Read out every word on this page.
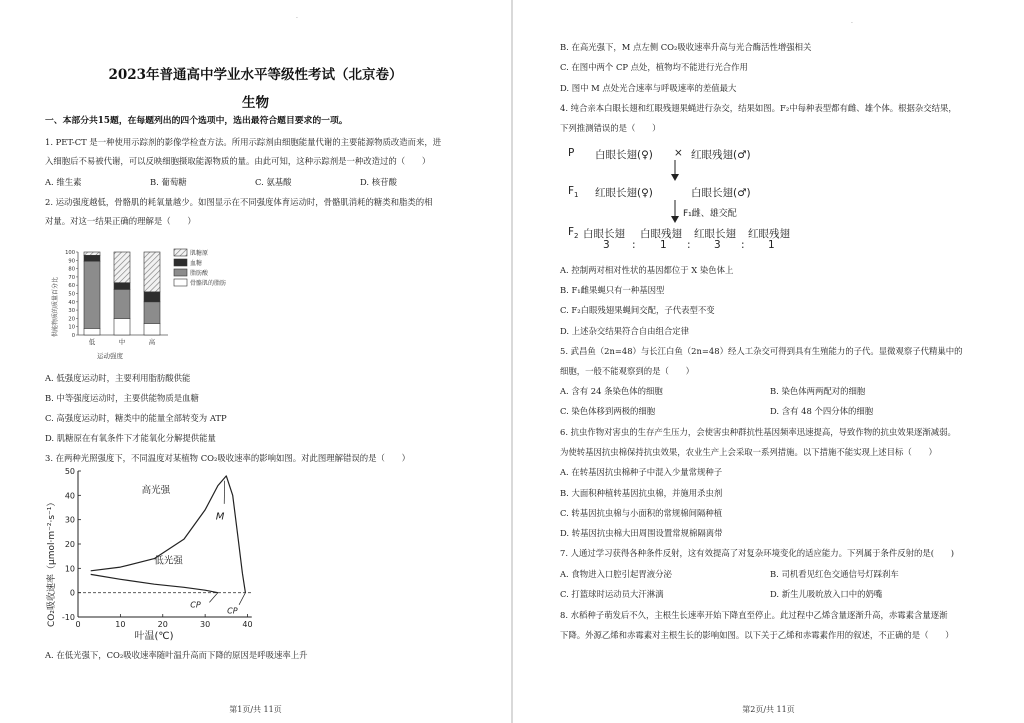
.
2023年普通高中学业水平等级性考试（北京卷）
生物
一、本部分共15题，在每题列出的四个选项中，选出最符合题目要求的一项。
1. PET-CT 是一种使用示踪剂的影像学检查方法。所用示踪剂由细胞能量代谢的主要能源物质改造而来，进
入细胞后不易被代谢，可以反映细胞摄取能源物质的量。由此可知，这种示踪剂是一种改造过的（　　）
A. 维生素	B. 葡萄糖	C. 氨基酸	D. 核苷酸
2. 运动强度越低，骨骼肌的耗氧量越少。如图显示在不同强度体育运动时，骨骼肌消耗的糖类和脂类的相
对量。对这一结果正确的理解是（　　）
供能物质的质量百分比 0
10
20
30
40
50
60
70
80
90
100
低	中	高
运动强度
肌糖原
血糖
脂肪酸
骨骼肌的脂肪
A. 低强度运动时，主要利用脂肪酸供能
B. 中等强度运动时，主要供能物质是血糖
C. 高强度运动时，糖类中的能量全部转变为 ATP
D. 肌糖原在有氧条件下才能氧化分解提供能量
3. 在两种光照强度下，不同温度对某植物 CO₂吸收速率的影响如图。对此图理解错误的是（　　）
CO₂吸收速率（μmol·m⁻²·s⁻¹） -10
0
10
20
30
40
50
0	10	20	30	40
高光强
低光强
M
CP
CP
叶温(℃)
A. 在低光强下，CO₂吸收速率随叶温升高而下降的原因是呼吸速率上升
第1页/共 11页
.
B. 在高光强下，M 点左侧 CO₂吸收速率升高与光合酶活性增强相关
C. 在图中两个 CP 点处，植物均不能进行光合作用
D. 图中 M 点处光合速率与呼吸速率的差值最大
4. 纯合亲本白眼长翅和红眼残翅果蝇进行杂交，结果如图。F₂中每种表型都有雌、雄个体。根据杂交结果，
下列推测错误的是（　　）
P 白眼长翅(♀) × 红眼残翅(♂)
$F_1$ 红眼长翅(♀)	白眼长翅(♂)
F₁雌、雄交配
$F_2$ 白眼长翅 白眼残翅 红眼长翅 红眼残翅
3 : 1 : 3 : 1
A. 控制两对相对性状的基因都位于 X 染色体上
B. F₁雌果蝇只有一种基因型
C. F₂白眼残翅果蝇间交配，子代表型不变
D. 上述杂交结果符合自由组合定律
5. 武昌鱼（2n=48）与长江白鱼（2n=48）经人工杂交可得到具有生殖能力的子代。显微观察子代精巢中的
细胞，一般不能观察到的是（　　）
A. 含有 24 条染色体的细胞	B. 染色体两两配对的细胞
C. 染色体移到两极的细胞	D. 含有 48 个四分体的细胞
6. 抗虫作物对害虫的生存产生压力，会使害虫种群抗性基因频率迅速提高，导致作物的抗虫效果逐渐减弱。
为使转基因抗虫棉保持抗虫效果，农业生产上会采取一系列措施。以下措施不能实现上述目标（　　）
A. 在转基因抗虫棉种子中混入少量常规种子
B. 大面积种植转基因抗虫棉，并施用杀虫剂
C. 转基因抗虫棉与小面积的常规棉间隔种植
D. 转基因抗虫棉大田周围设置常规棉隔离带
7. 人通过学习获得各种条件反射，这有效提高了对复杂环境变化的适应能力。下列属于条件反射的是(　　)
A. 食物进入口腔引起胃液分泌	B. 司机看见红色交通信号灯踩刹车
C. 打篮球时运动员大汗淋漓	D. 新生儿吸吮放入口中的奶嘴
8. 水稻种子萌发后不久，主根生长速率开始下降直至停止。此过程中乙烯含量逐渐升高，赤霉素含量逐渐
下降。外源乙烯和赤霉素对主根生长的影响如图。以下关于乙烯和赤霉素作用的叙述，不正确的是（　　）
第2页/共 11页
